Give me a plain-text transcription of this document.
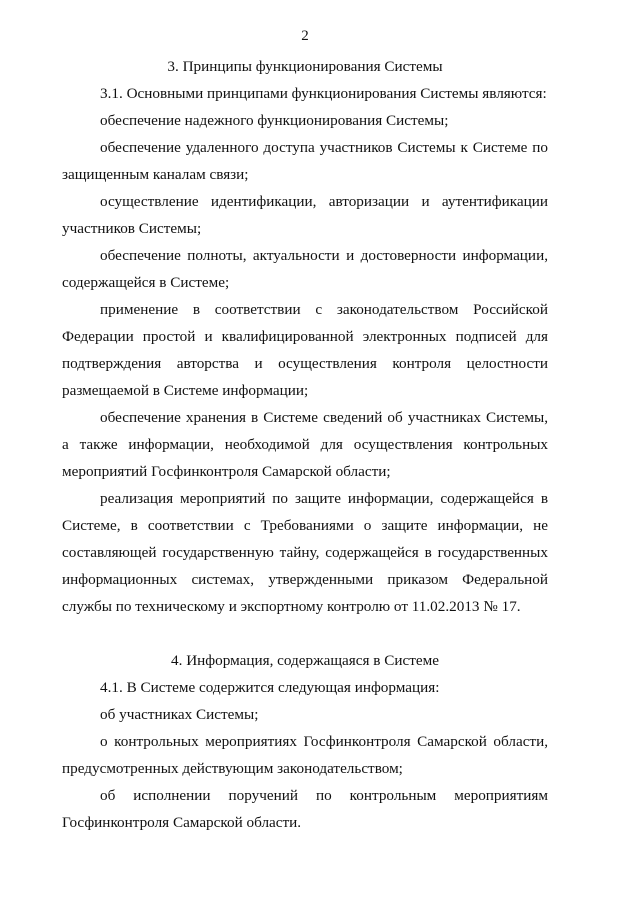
2

3. Принципы функционирования Системы

3.1. Основными принципами функционирования Системы являются:

обеспечение надежного функционирования Системы;

обеспечение удаленного доступа участников Системы к Системе по защищенным каналам связи;

осуществление идентификации, авторизации и аутентификации участников Системы;

обеспечение полноты, актуальности и достоверности информации, содержащейся в Системе;

применение в соответствии с законодательством Российской Федерации простой и квалифицированной электронных подписей для подтверждения авторства и осуществления контроля целостности размещаемой в Системе информации;

обеспечение хранения в Системе сведений об участниках Системы, а также информации, необходимой для осуществления контрольных мероприятий Госфинконтроля Самарской области;

реализация мероприятий по защите информации, содержащейся в Системе, в соответствии с Требованиями о защите информации, не составляющей государственную тайну, содержащейся в государственных информационных системах, утвержденными приказом Федеральной службы по техническому и экспортному контролю от 11.02.2013 № 17.

4. Информация, содержащаяся в Системе

4.1. В Системе содержится следующая информация:

об участниках Системы;

о контрольных мероприятиях Госфинконтроля Самарской области, предусмотренных действующим законодательством;

об исполнении поручений по контрольным мероприятиям Госфинконтроля Самарской области.
